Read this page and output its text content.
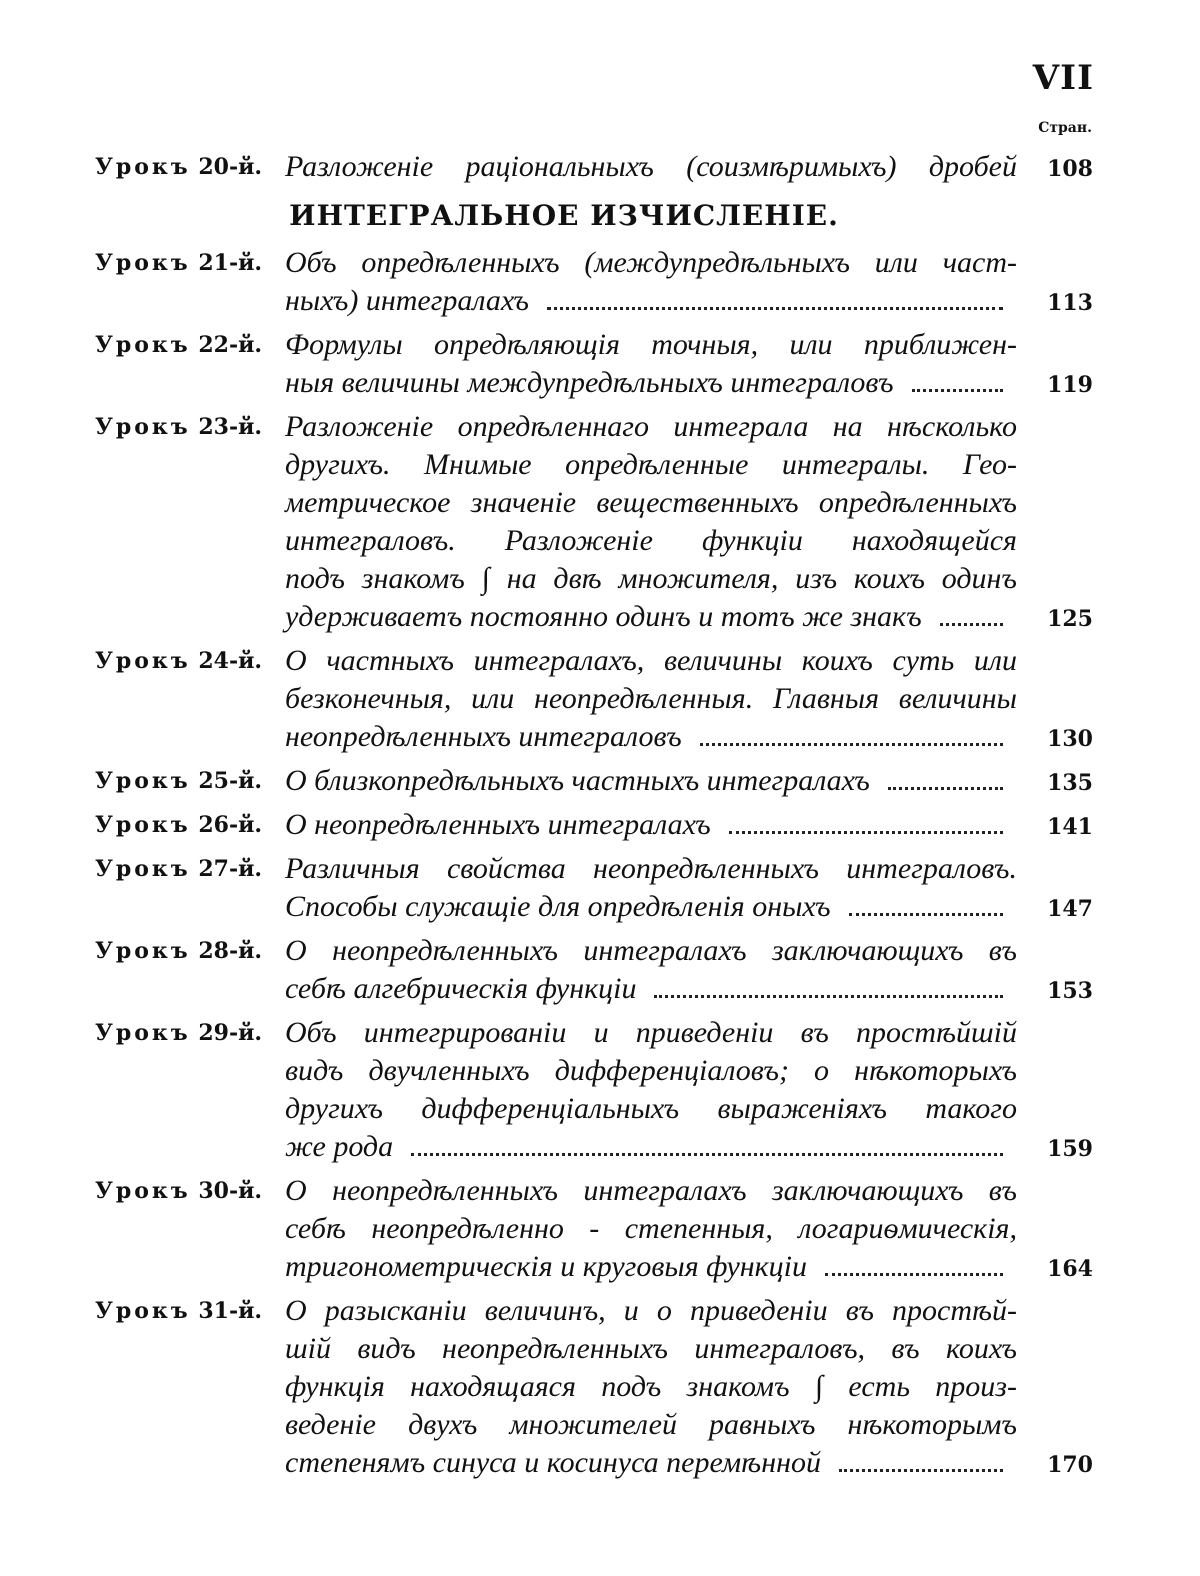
VII
Стран.
Урокъ 20-й. Разложеніе раціональныхъ (соизмѣримыхъ) дробей	108
ИНТЕГРАЛЬНОЕ ИЗЧИСЛЕНІЕ.
Урокъ 21-й. Объ опредѣленныхъ (междупредѣльныхъ или част-
ныхъ) интегралахъ	113
Урокъ 22-й. Формулы опредѣляющія точныя, или приближен-
ныя величины междупредѣльныхъ интеграловъ	119
Урокъ 23-й. Разложеніе опредѣленнаго интеграла на нѣсколько
другихъ. Мнимые опредѣленные интегралы. Гео-
метрическое значеніе вещественныхъ опредѣленныхъ
интеграловъ. Разложеніе функціи находящейся
подъ знакомъ ∫ на двѣ множителя, изъ коихъ одинъ
удерживаетъ постоянно одинъ и тотъ же знакъ	125
Урокъ 24-й. О частныхъ интегралахъ, величины коихъ суть или
безконечныя, или неопредѣленныя. Главныя величины
неопредѣленныхъ интеграловъ	130
Урокъ 25-й. О близкопредѣльныхъ частныхъ интегралахъ	135
Урокъ 26-й. О неопредѣленныхъ интегралахъ	141
Урокъ 27-й. Различныя свойства неопредѣленныхъ интеграловъ.
Способы служащіе для опредѣленія оныхъ	147
Урокъ 28-й. О неопредѣленныхъ интегралахъ заключающихъ въ
себѣ алгебрическія функціи	153
Урокъ 29-й. Объ интегрированіи и приведеніи въ простѣйшій
видъ двучленныхъ дифференціаловъ; о нѣкоторыхъ
другихъ дифференціальныхъ выраженіяхъ такого
же рода	159
Урокъ 30-й. О неопредѣленныхъ интегралахъ заключающихъ въ
себѣ неопредѣленно - степенныя, логариѳмическія,
тригонометрическія и круговыя функціи	164
Урокъ 31-й. О разысканіи величинъ, и о приведеніи въ простѣй-
шій видъ неопредѣленныхъ интеграловъ, въ коихъ
функція находящаяся подъ знакомъ ∫ есть произ-
веденіе двухъ множителей равныхъ нѣкоторымъ
степенямъ синуса и косинуса перемѣнной	170
